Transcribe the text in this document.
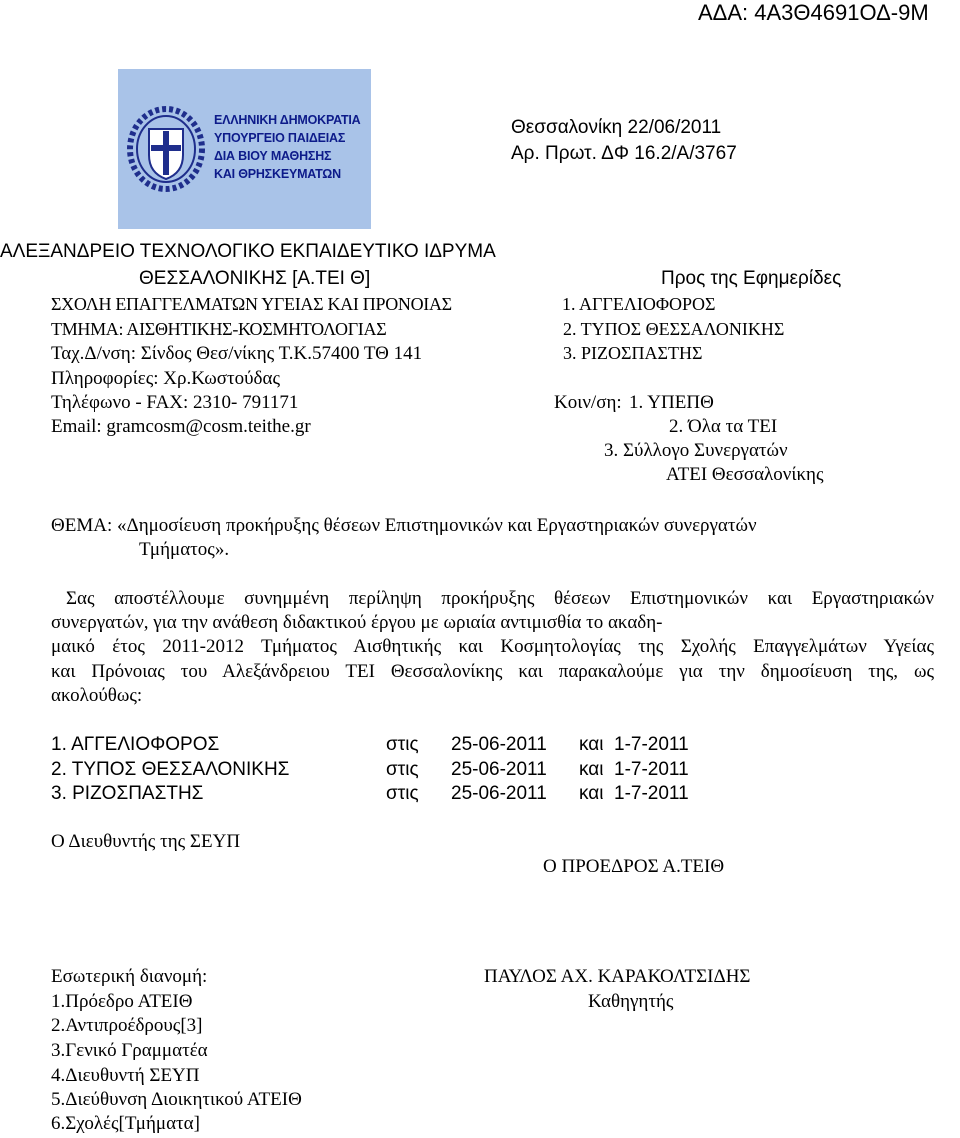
ΑΔΑ: 4Α3Θ4691ΟΔ-9Μ
ΕΛΛΗΝΙΚΗ ΔΗΜΟΚΡΑΤΙΑ
ΥΠΟΥΡΓΕΙΟ ΠΑΙΔΕΙΑΣ
ΔΙΑ ΒΙΟΥ ΜΑΘΗΣΗΣ
ΚΑΙ ΘΡΗΣΚΕΥΜΑΤΩΝ
Θεσσαλονίκη 22/06/2011
Αρ. Πρωτ. ΔΦ 16.2/Α/3767
ΑΛΕΞΑΝΔΡΕΙΟ ΤΕΧΝΟΛΟΓΙΚΟ ΕΚΠΑΙΔΕΥΤΙΚΟ ΙΔΡΥΜΑ
ΘΕΣΣΑΛΟΝΙΚΗΣ [Α.ΤΕΙ Θ]
ΣΧΟΛΗ ΕΠΑΓΓΕΛΜΑΤΩΝ ΥΓΕΙΑΣ ΚΑΙ ΠΡΟΝΟΙΑΣ
ΤΜΗΜΑ: ΑΙΣΘΗΤΙΚΗΣ-ΚΟΣΜΗΤΟΛΟΓΙΑΣ
Ταχ.Δ/νση: Σίνδος Θεσ/νίκης Τ.Κ.57400 ΤΘ 141
Πληροφορίες: Χρ.Κωστούδας
Τηλέφωνο - FAX: 2310- 791171
Email: gramcosm@cosm.teithe.gr
Προς της Εφημερίδες
1. ΑΓΓΕΛΙΟΦΟΡΟΣ
2. ΤΥΠΟΣ ΘΕΣΣΑΛΟΝΙΚΗΣ
3. ΡΙΖΟΣΠΑΣΤΗΣ
Κοιν/ση: 1. ΥΠΕΠΘ
2. Όλα τα ΤΕΙ
3. Σύλλογο Συνεργατών
ΑΤΕΙ Θεσσαλονίκης
ΘΕΜΑ: «Δημοσίευση προκήρυξης θέσεων Επιστημονικών και Εργαστηριακών συνεργατών
Τμήματος».
Σας αποστέλλουμε συνημμένη περίληψη προκήρυξης θέσεων Επιστημονικών και Εργαστηριακών
συνεργατών, για την ανάθεση διδακτικού έργου με ωριαία αντιμισθία το ακαδη-
μαικό έτος 2011-2012 Τμήματος Αισθητικής και Κοσμητολογίας της Σχολής Επαγγελμάτων Υγείας
και Πρόνοιας του Αλεξάνδρειου ΤΕΙ Θεσσαλονίκης και παρακαλούμε για την δημοσίευση της, ως
ακολούθως:
1. ΑΓΓΕΛΙΟΦΟΡΟΣ	στις 25-06-2011 και 1-7-2011
2. ΤΥΠΟΣ ΘΕΣΣΑΛΟΝΙΚΗΣ	στις 25-06-2011 και 1-7-2011
3. ΡΙΖΟΣΠΑΣΤΗΣ	στις 25-06-2011 και 1-7-2011
Ο Διευθυντής της ΣΕΥΠ
Ο ΠΡΟΕΔΡΟΣ Α.ΤΕΙΘ
Εσωτερική διανομή:
1.Πρόεδρο ΑΤΕΙΘ
2.Αντιπροέδρους[3]
3.Γενικό Γραμματέα
4.Διευθυντή ΣΕΥΠ
5.Διεύθυνση Διοικητικού ΑΤΕΙΘ
6.Σχολές[Τμήματα]
ΠΑΥΛΟΣ ΑΧ. ΚΑΡΑΚΟΛΤΣΙΔΗΣ
Καθηγητής
